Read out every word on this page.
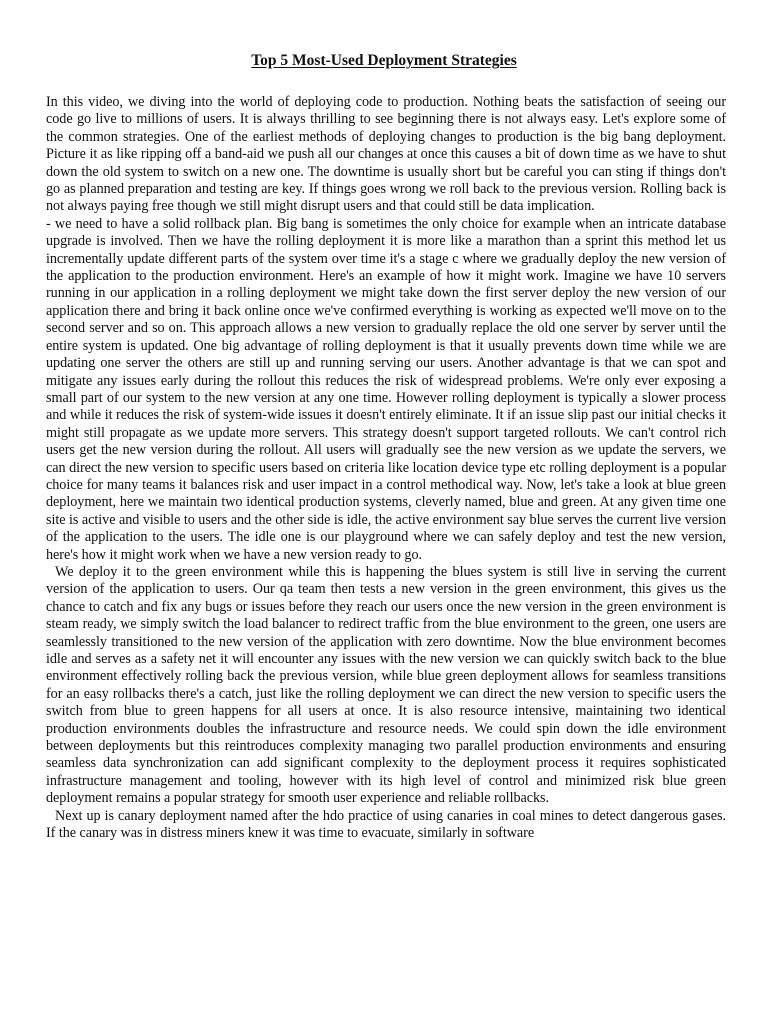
Top 5 Most-Used Deployment Strategies

In this video, we diving into the world of deploying code to production. Nothing beats the satisfaction of seeing our code go live to millions of users. It is always thrilling to see beginning there is not always easy. Let's explore some of the common strategies. One of the earliest methods of deploying changes to production is the big bang deployment. Picture it as like ripping off a band-aid we push all our changes at once this causes a bit of down time as we have to shut down the old system to switch on a new one. The downtime is usually short but be careful you can sting if things don't go as planned preparation and testing are key. If things goes wrong we roll back to the previous version. Rolling back is not always paying free though we still might disrupt users and that could still be data implication.

- we need to have a solid rollback plan. Big bang is sometimes the only choice for example when an intricate database upgrade is involved. Then we have the rolling deployment it is more like a marathon than a sprint this method let us incrementally update different parts of the system over time it's a stage c where we gradually deploy the new version of the application to the production environment. Here's an example of how it might work. Imagine we have 10 servers running in our application in a rolling deployment we might take down the first server deploy the new version of our application there and bring it back online once we've confirmed everything is working as expected we'll move on to the second server and so on. This approach allows a new version to gradually replace the old one server by server until the entire system is updated. One big advantage of rolling deployment is that it usually prevents down time while we are updating one server the others are still up and running serving our users. Another advantage is that we can spot and mitigate any issues early during the rollout this reduces the risk of widespread problems. We're only ever exposing a small part of our system to the new version at any one time. However rolling deployment is typically a slower process and while it reduces the risk of system-wide issues it doesn't entirely eliminate. It if an issue slip past our initial checks it might still propagate as we update more servers. This strategy doesn't support targeted rollouts. We can't control rich users get the new version during the rollout. All users will gradually see the new version as we update the servers, we can direct the new version to specific users based on criteria like location device type etc rolling deployment is a popular choice for many teams it balances risk and user impact in a control methodical way. Now, let's take a look at blue green deployment, here we maintain two identical production systems, cleverly named, blue and green. At any given time one site is active and visible to users and the other side is idle, the active environment say blue serves the current live version of the application to the users. The idle one is our playground where we can safely deploy and test the new version, here's how it might work when we have a new version ready to go.

We deploy it to the green environment while this is happening the blues system is still live in serving the current version of the application to users. Our qa team then tests a new version in the green environment, this gives us the chance to catch and fix any bugs or issues before they reach our users once the new version in the green environment is steam ready, we simply switch the load balancer to redirect traffic from the blue environment to the green, one users are seamlessly transitioned to the new version of the application with zero downtime. Now the blue environment becomes idle and serves as a safety net it will encounter any issues with the new version we can quickly switch back to the blue environment effectively rolling back the previous version, while blue green deployment allows for seamless transitions for an easy rollbacks there's a catch, just like the rolling deployment we can direct the new version to specific users the switch from blue to green happens for all users at once. It is also resource intensive, maintaining two identical production environments doubles the infrastructure and resource needs. We could spin down the idle environment between deployments but this reintroduces complexity managing two parallel production environments and ensuring seamless data synchronization can add significant complexity to the deployment process it requires sophisticated infrastructure management and tooling, however with its high level of control and minimized risk blue green deployment remains a popular strategy for smooth user experience and reliable rollbacks.

Next up is canary deployment named after the hdo practice of using canaries in coal mines to detect dangerous gases. If the canary was in distress miners knew it was time to evacuate, similarly in software
